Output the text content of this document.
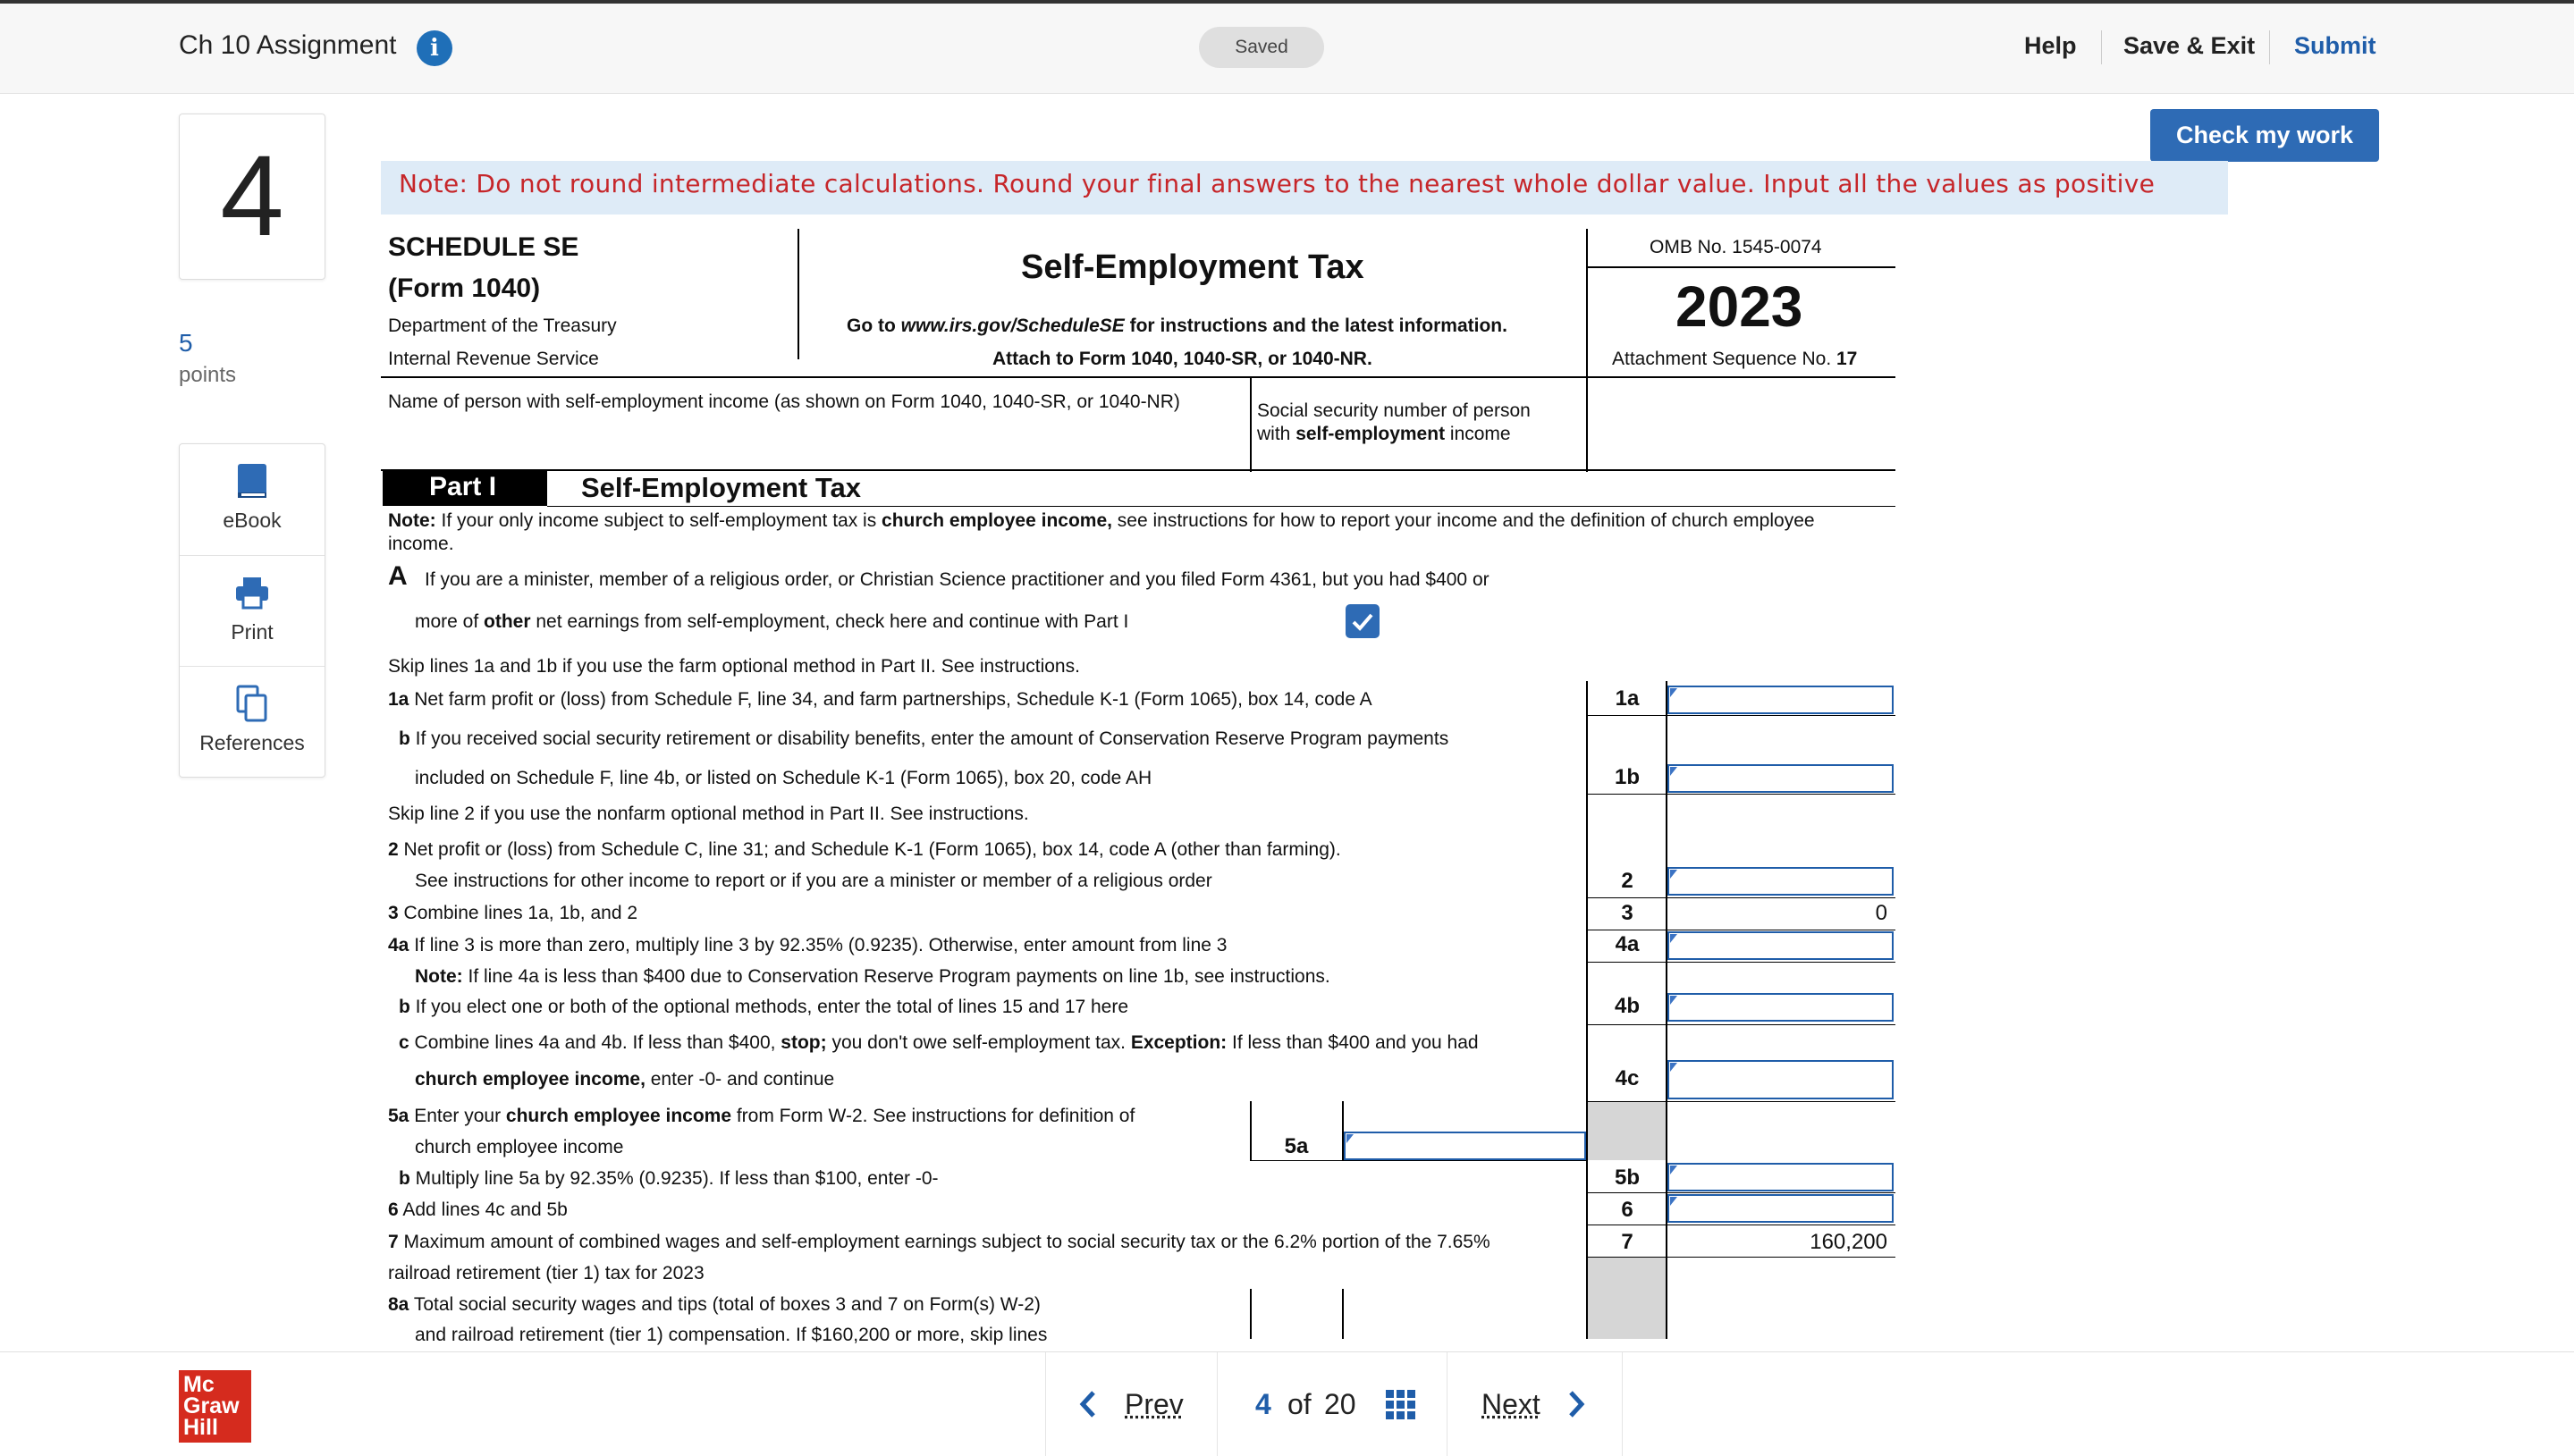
Ch 10 Assignment	i	Saved	Help Save & Exit Submit
4
5
points
eBook
Print
References
Check my work
Note: Do not round intermediate calculations. Round your final answers to the nearest whole dollar value. Input all the values as positive
SCHEDULE SE
(Form 1040)
Department of the Treasury
Internal Revenue Service
Self-Employment Tax
Go to www.irs.gov/ScheduleSE for instructions and the latest information.
Attach to Form 1040, 1040-SR, or 1040-NR.
OMB No. 1545-0074
2023
Attachment Sequence No. 17
Name of person with self-employment income (as shown on Form 1040, 1040-SR, or 1040-NR)	Social security number of person
with self-employment income
Part I	Self-Employment Tax
Note: If your only income subject to self-employment tax is church employee income, see instructions for how to report your income and the definition of church employee
income.
A If you are a minister, member of a religious order, or Christian Science practitioner and you filed Form 4361, but you had $400 or
more of other net earnings from self-employment, check here and continue with Part I
Skip lines 1a and 1b if you use the farm optional method in Part II. See instructions.
1a Net farm profit or (loss) from Schedule F, line 34, and farm partnerships, Schedule K-1 (Form 1065), box 14, code A	1a
b If you received social security retirement or disability benefits, enter the amount of Conservation Reserve Program payments
included on Schedule F, line 4b, or listed on Schedule K-1 (Form 1065), box 20, code AH	1b
Skip line 2 if you use the nonfarm optional method in Part II. See instructions.
2 Net profit or (loss) from Schedule C, line 31; and Schedule K-1 (Form 1065), box 14, code A (other than farming).
See instructions for other income to report or if you are a minister or member of a religious order	2
3 Combine lines 1a, 1b, and 2	3	0
4a If line 3 is more than zero, multiply line 3 by 92.35% (0.9235). Otherwise, enter amount from line 3	4a
Note: If line 4a is less than $400 due to Conservation Reserve Program payments on line 1b, see instructions.
b If you elect one or both of the optional methods, enter the total of lines 15 and 17 here	4b
c Combine lines 4a and 4b. If less than $400, stop; you don't owe self-employment tax. Exception: If less than $400 and you had
church employee income, enter -0- and continue	4c
5a Enter your church employee income from Form W-2. See instructions for definition of
church employee income	5a
b Multiply line 5a by 92.35% (0.9235). If less than $100, enter -0-	5b
6 Add lines 4c and 5b	6
7 Maximum amount of combined wages and self-employment earnings subject to social security tax or the 6.2% portion of the 7.65%
railroad retirement (tier 1) tax for 2023
7	160,200
8a Total social security wages and tips (total of boxes 3 and 7 on Form(s) W-2)
and railroad retirement (tier 1) compensation. If $160,200 or more, skip lines
Mc
Graw
Hill
Prev	4 of 20	Next
